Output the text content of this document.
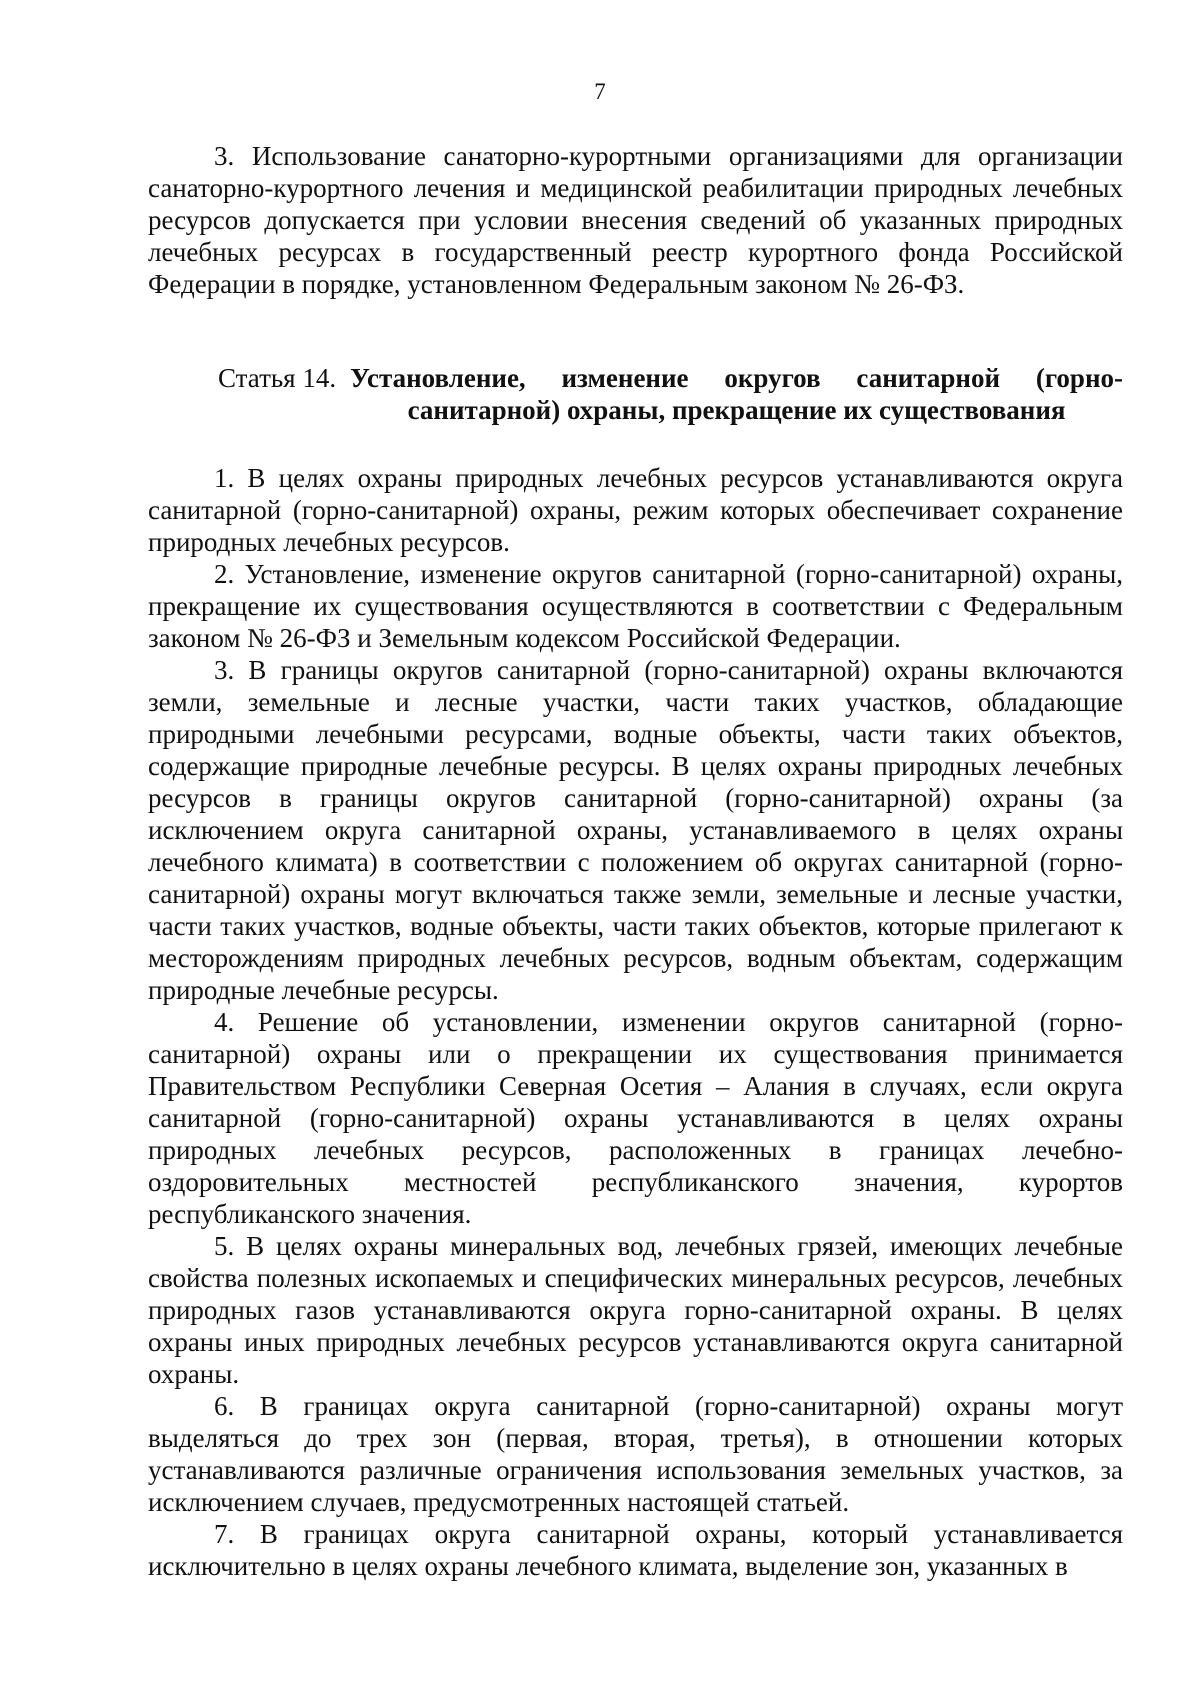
7

3. Использование санаторно-курортными организациями для организации санаторно-курортного лечения и медицинской реабилитации природных лечебных ресурсов допускается при условии внесения сведений об указанных природных лечебных ресурсах в государственный реестр курортного фонда Российской Федерации в порядке, установленном Федеральным законом № 26-ФЗ.

Статья 14. Установление, изменение округов санитарной (горно-санитарной) охраны, прекращение их существования

1. В целях охраны природных лечебных ресурсов устанавливаются округа санитарной (горно-санитарной) охраны, режим которых обеспечивает сохранение природных лечебных ресурсов.

2. Установление, изменение округов санитарной (горно-санитарной) охраны, прекращение их существования осуществляются в соответствии с Федеральным законом № 26-ФЗ и Земельным кодексом Российской Федерации.

3. В границы округов санитарной (горно-санитарной) охраны включаются земли, земельные и лесные участки, части таких участков, обладающие природными лечебными ресурсами, водные объекты, части таких объектов, содержащие природные лечебные ресурсы. В целях охраны природных лечебных ресурсов в границы округов санитарной (горно-санитарной) охраны (за исключением округа санитарной охраны, устанавливаемого в целях охраны лечебного климата) в соответствии с положением об округах санитарной (горно-санитарной) охраны могут включаться также земли, земельные и лесные участки, части таких участков, водные объекты, части таких объектов, которые прилегают к месторождениям природных лечебных ресурсов, водным объектам, содержащим природные лечебные ресурсы.

4. Решение об установлении, изменении округов санитарной (горно-санитарной) охраны или о прекращении их существования принимается Правительством Республики Северная Осетия – Алания в случаях, если округа санитарной (горно-санитарной) охраны устанавливаются в целях охраны природных лечебных ресурсов, расположенных в границах лечебно-оздоровительных местностей республиканского значения, курортов республиканского значения.

5. В целях охраны минеральных вод, лечебных грязей, имеющих лечебные свойства полезных ископаемых и специфических минеральных ресурсов, лечебных природных газов устанавливаются округа горно-санитарной охраны. В целях охраны иных природных лечебных ресурсов устанавливаются округа санитарной охраны.

6. В границах округа санитарной (горно-санитарной) охраны могут выделяться до трех зон (первая, вторая, третья), в отношении которых устанавливаются различные ограничения использования земельных участков, за исключением случаев, предусмотренных настоящей статьей.

7. В границах округа санитарной охраны, который устанавливается исключительно в целях охраны лечебного климата, выделение зон, указанных в
